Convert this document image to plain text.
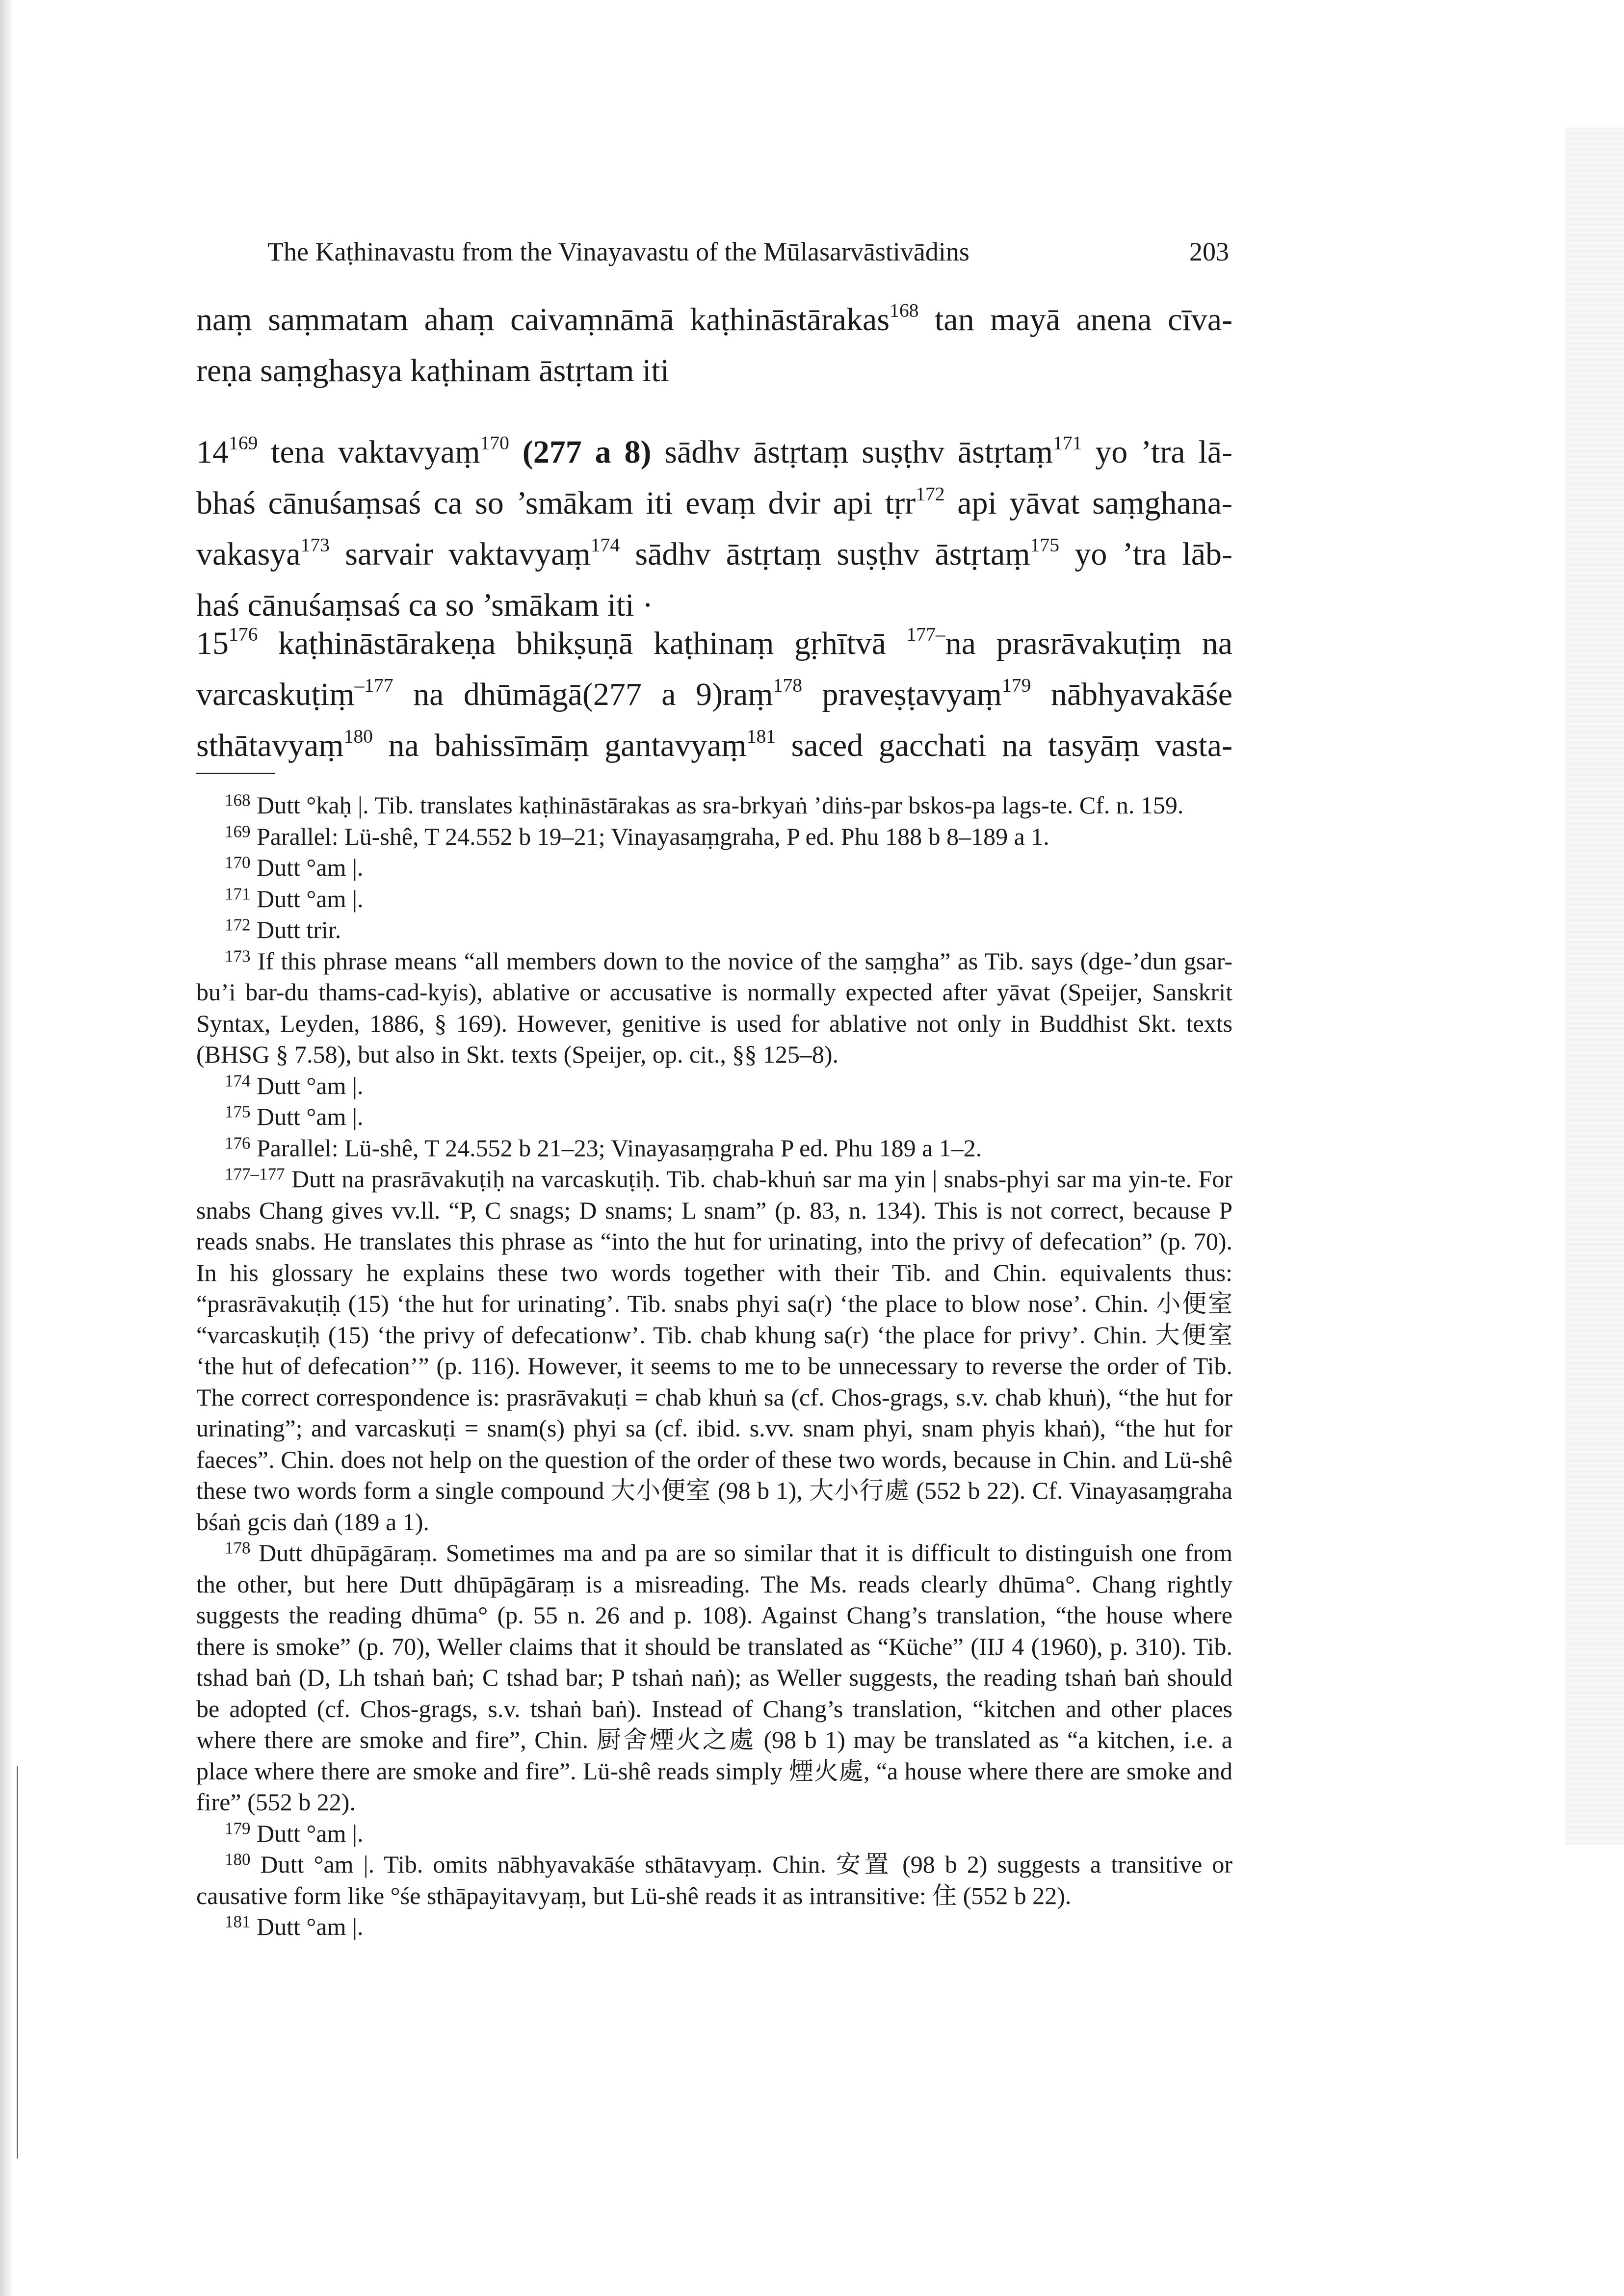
The Kaṭhinavastu from the Vinayavastu of the Mūlasarvāstivādins	203
naṃ saṃmatam ahaṃ caivaṃnāmā kaṭhināstārakas$^{168}$ tan mayā anena cīva-
reṇa saṃghasya kaṭhinam āstṛtam iti
$14^{169}$ tena vaktavyaṃ$^{170}$ (277 a 8) sādhv āstṛtaṃ suṣṭhv āstṛtaṃ$^{171}$ yo ’tra lā-
bhaś cānuśaṃsaś ca so ’smākam iti evaṃ dvir api tṛr$^{172}$ api yāvat saṃghana-
vakasya$^{173}$ sarvair vaktavyaṃ$^{174}$ sādhv āstṛtaṃ suṣṭhv āstṛtaṃ$^{175}$ yo ’tra lāb-
haś cānuśaṃsaś ca so ’smākam iti ·
$15^{176}$ kaṭhināstārakeṇa bhikṣuṇā kaṭhinaṃ gṛhītvā $^{177-}$na prasrāvakuṭiṃ na
varcaskuṭiṃ$^{-177}$ na dhūmāgā(277 a 9)raṃ$^{178}$ praveṣṭavyaṃ$^{179}$ nābhyavakāśe
sthātavyaṃ$^{180}$ na bahissīmāṃ gantavyaṃ$^{181}$ saced gacchati na tasyāṃ vasta-

$^{168}$ Dutt °kaḥ |. Tib. translates kaṭhināstārakas as sra-brkyaṅ ’diṅs-par bskos-pa lags-te. Cf. n. 159.

$^{169}$ Parallel: Lü-shê, T 24.552 b 19–21; Vinayasaṃgraha, P ed. Phu 188 b 8–189 a 1.

$^{170}$ Dutt °am |.

$^{171}$ Dutt °am |.

$^{172}$ Dutt trir.

$^{173}$ If this phrase means “all members down to the novice of the saṃgha” as Tib. says (dge-’dun gsar-bu’i bar-du thams-cad-kyis), ablative or accusative is normally expected after yāvat (Speijer, Sanskrit Syntax, Leyden, 1886, § 169). However, genitive is used for ablative not only in Buddhist Skt. texts (BHSG § 7.58), but also in Skt. texts (Speijer, op. cit., §§ 125–8).

$^{174}$ Dutt °am |.

$^{175}$ Dutt °am |.

$^{176}$ Parallel: Lü-shê, T 24.552 b 21–23; Vinayasaṃgraha P ed. Phu 189 a 1–2.

$^{177-177}$ Dutt na prasrāvakuṭiḥ na varcaskuṭiḥ. Tib. chab-khuṅ sar ma yin | snabs-phyi sar ma yin-te. For snabs Chang gives vv.ll. “P, C snags; D snams; L snam” (p. 83, n. 134). This is not correct, because P reads snabs. He translates this phrase as “into the hut for urinating, into the privy of defecation” (p. 70). In his glossary he explains these two words together with their Tib. and Chin. equivalents thus: “prasrāvakuṭiḥ (15) ‘the hut for urinating’. Tib. snabs phyi sa(r) ‘the place to blow nose’. Chin. 小便室 “varcaskuṭiḥ (15) ‘the privy of defecationw’. Tib. chab khung sa(r) ‘the place for privy’. Chin. 大便室 ‘the hut of defecation’” (p. 116). However, it seems to me to be unnecessary to reverse the order of Tib. The correct correspondence is: prasrāvakuṭi = chab khuṅ sa (cf. Chos-grags, s.v. chab khuṅ), “the hut for urinating”; and varcaskuṭi = snam(s) phyi sa (cf. ibid. s.vv. snam phyi, snam phyis khaṅ), “the hut for faeces”. Chin. does not help on the question of the order of these two words, because in Chin. and Lü-shê these two words form a single compound 大小便室 (98 b 1), 大小行處 (552 b 22). Cf. Vinayasaṃgraha bśaṅ gcis daṅ (189 a 1).

$^{178}$ Dutt dhūpāgāraṃ. Sometimes ma and pa are so similar that it is difficult to distinguish one from the other, but here Dutt dhūpāgāraṃ is a misreading. The Ms. reads clearly dhūma°. Chang rightly suggests the reading dhūma° (p. 55 n. 26 and p. 108). Against Chang’s translation, “the house where there is smoke” (p. 70), Weller claims that it should be translated as “Küche” (IIJ 4 (1960), p. 310). Tib. tshad baṅ (D, Lh tshaṅ baṅ; C tshad bar; P tshaṅ naṅ); as Weller suggests, the reading tshaṅ baṅ should be adopted (cf. Chos-grags, s.v. tshaṅ baṅ). Instead of Chang’s translation, “kitchen and other places where there are smoke and fire”, Chin. 厨舍煙火之處 (98 b 1) may be translated as “a kitchen, i.e. a place where there are smoke and fire”. Lü-shê reads simply 煙火處, “a house where there are smoke and fire” (552 b 22).

$^{179}$ Dutt °am |.

$^{180}$ Dutt °am |. Tib. omits nābhyavakāśe sthātavyaṃ. Chin. 安置 (98 b 2) suggests a transitive or causative form like °śe sthāpayitavyaṃ, but Lü-shê reads it as intransitive: 住 (552 b 22).

$^{181}$ Dutt °am |.
